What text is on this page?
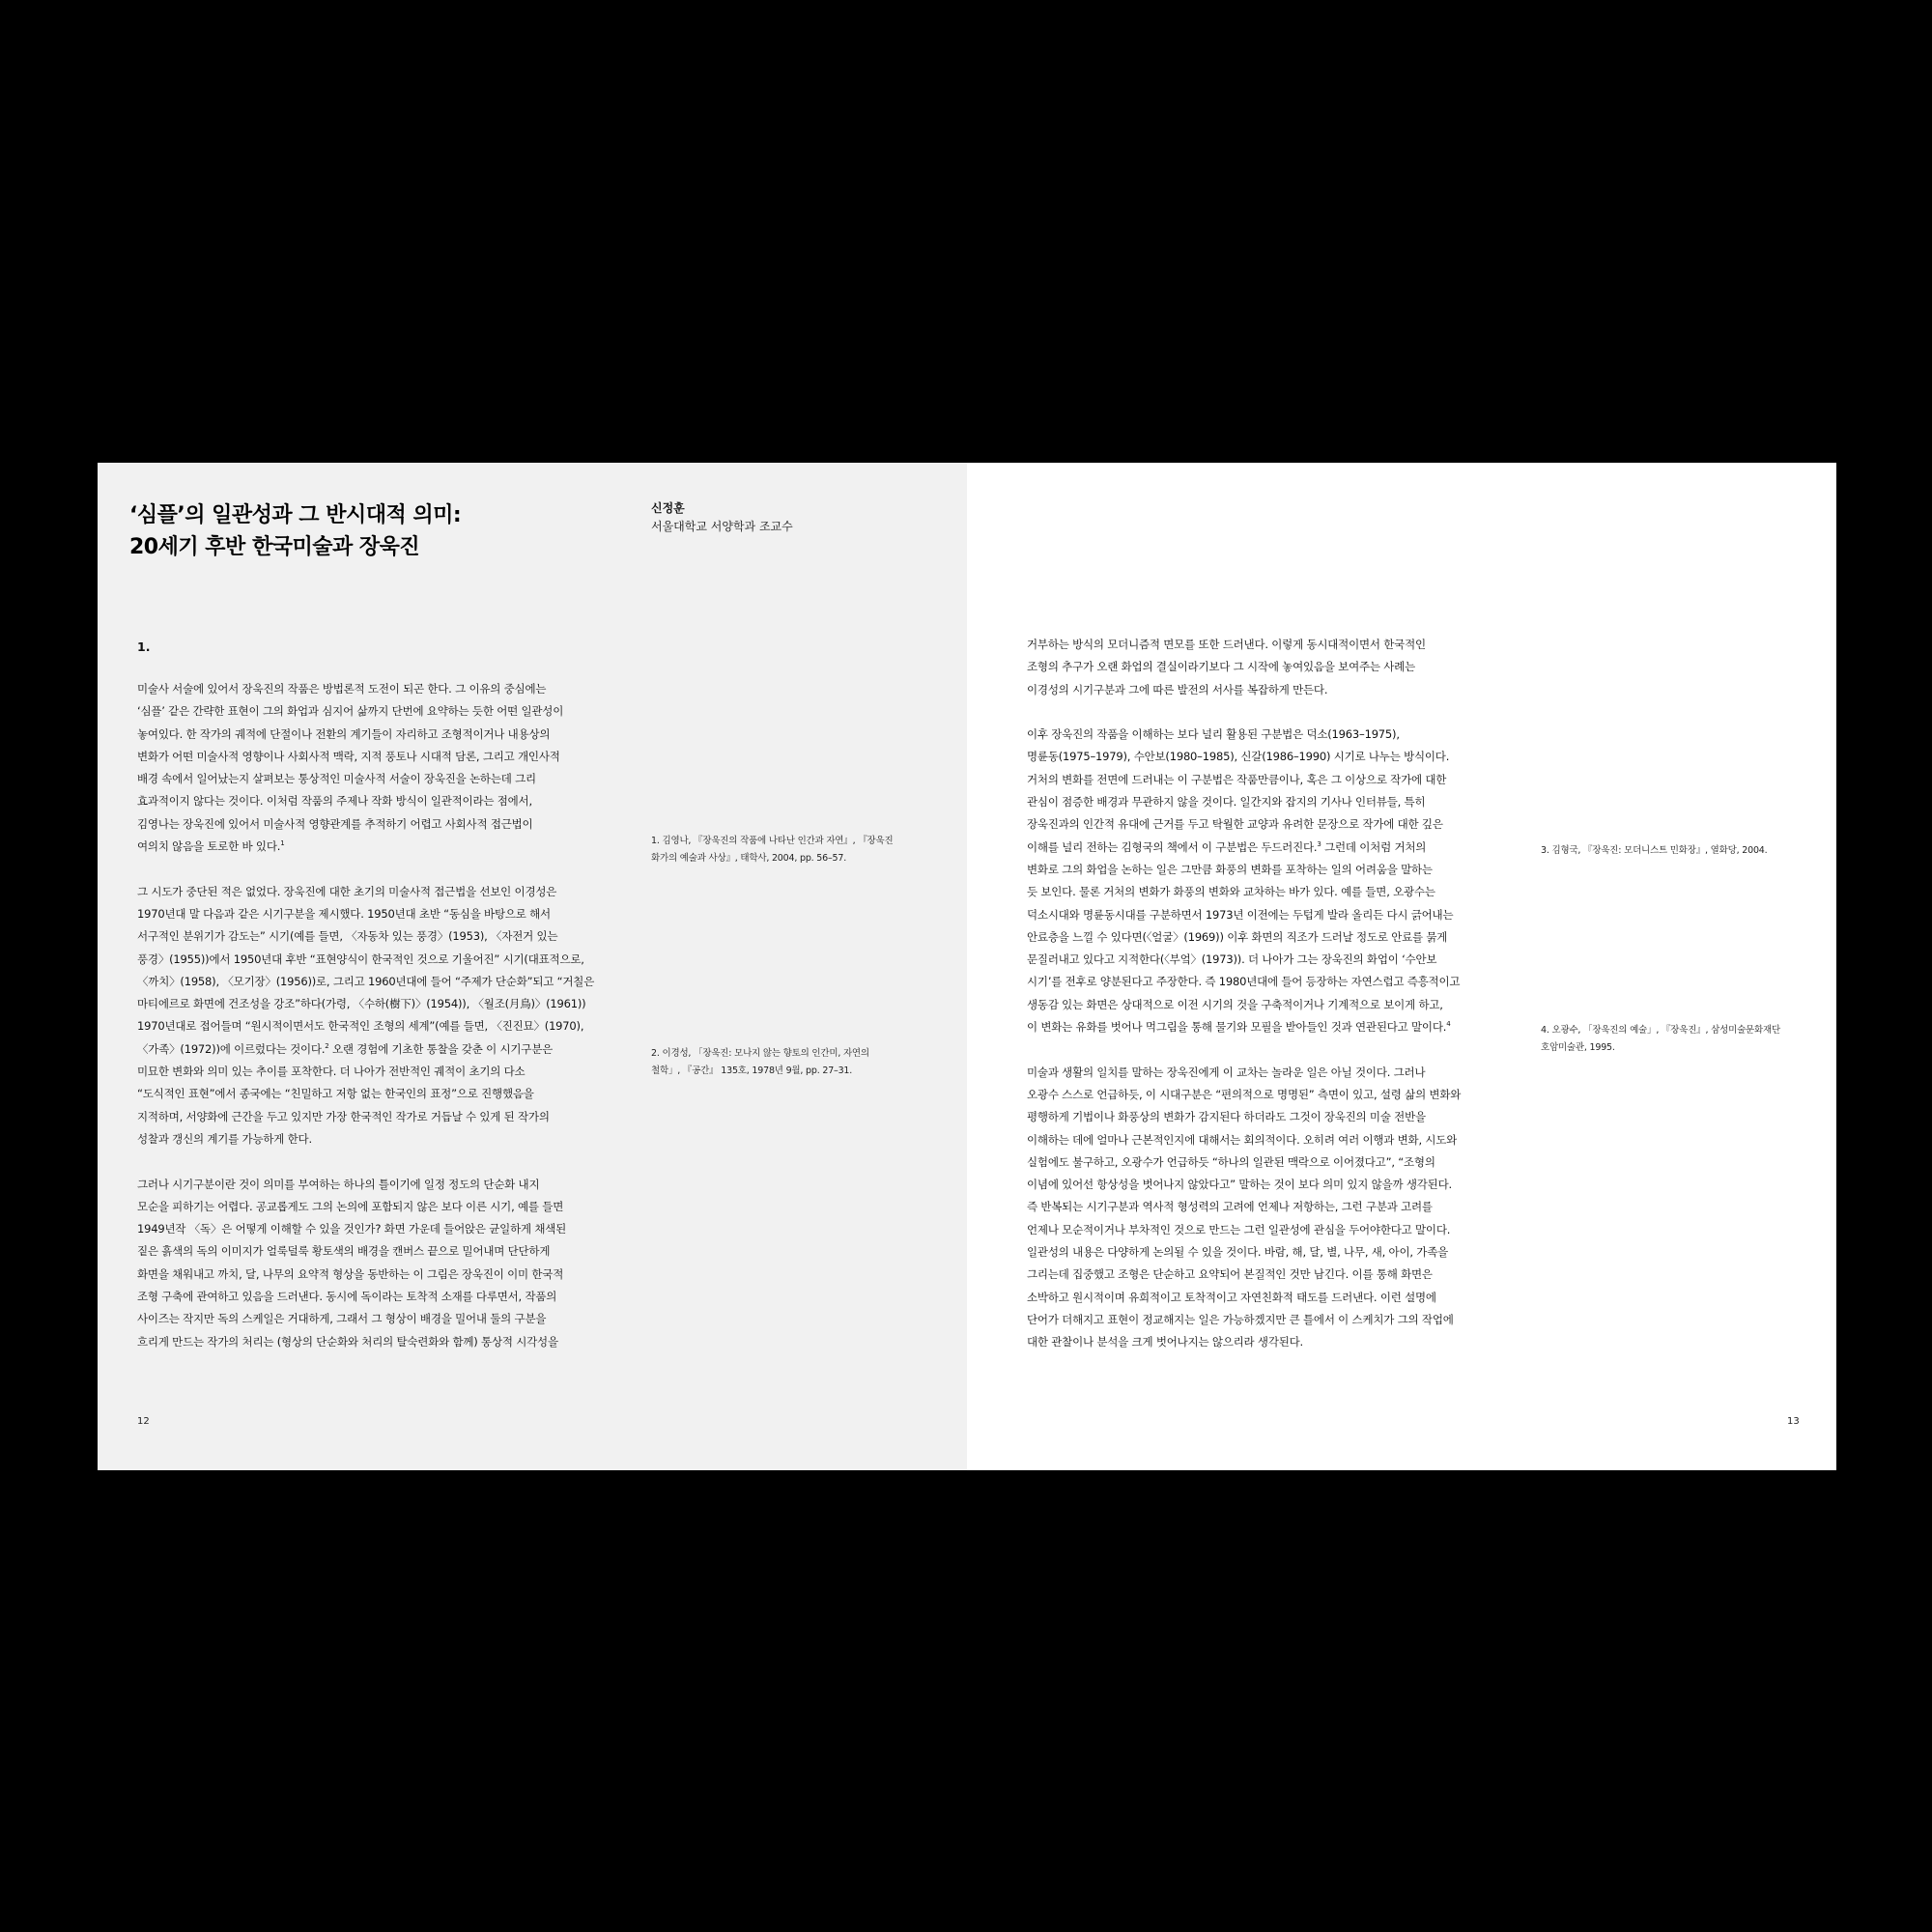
‘심플’의 일관성과 그 반시대적 의미:
20세기 후반 한국미술과 장욱진
신정훈
서울대학교 서양학과 조교수
1.

미술사 서술에 있어서 장욱진의 작품은 방법론적 도전이 되곤 한다. 그 이유의 중심에는
‘심플’ 같은 간략한 표현이 그의 화업과 심지어 삶까지 단번에 요약하는 듯한 어떤 일관성이
놓여있다. 한 작가의 궤적에 단절이나 전환의 계기들이 자리하고 조형적이거나 내용상의
변화가 어떤 미술사적 영향이나 사회사적 맥락, 지적 풍토나 시대적 담론, 그리고 개인사적
배경 속에서 일어났는지 살펴보는 통상적인 미술사적 서술이 장욱진을 논하는데 그리
효과적이지 않다는 것이다. 이처럼 작품의 주제나 작화 방식이 일관적이라는 점에서,
김영나는 장욱진에 있어서 미술사적 영향관계를 추적하기 어렵고 사회사적 접근법이
여의치 않음을 토로한 바 있다.$^1$

그 시도가 중단된 적은 없었다. 장욱진에 대한 초기의 미술사적 접근법을 선보인 이경성은
1970년대 말 다음과 같은 시기구분을 제시했다. 1950년대 초반 “동심을 바탕으로 해서
서구적인 분위기가 감도는” 시기(예를 들면, 〈자동차 있는 풍경〉(1953), 〈자전거 있는
풍경〉(1955))에서 1950년대 후반 “표현양식이 한국적인 것으로 기울어진” 시기(대표적으로,
〈까치〉(1958), 〈모기장〉(1956))로, 그리고 1960년대에 들어 “주제가 단순화”되고 “거칠은
마티에르로 화면에 건조성을 강조”하다(가령, 〈수하(樹下)〉(1954)), 〈월조(月鳥)〉(1961))
1970년대로 접어들며 “원시적이면서도 한국적인 조형의 세계”(예를 들면, 〈진진묘〉(1970),
〈가족〉(1972))에 이르렀다는 것이다.$^2$ 오랜 경험에 기초한 통찰을 갖춘 이 시기구분은
미묘한 변화와 의미 있는 추이를 포착한다. 더 나아가 전반적인 궤적이 초기의 다소
“도식적인 표현”에서 종국에는 “친밀하고 저항 없는 한국인의 표정”으로 진행했음을
지적하며, 서양화에 근간을 두고 있지만 가장 한국적인 작가로 거듭날 수 있게 된 작가의
성찰과 갱신의 계기를 가능하게 한다.

그러나 시기구분이란 것이 의미를 부여하는 하나의 틀이기에 일정 정도의 단순화 내지
모순을 피하기는 어렵다. 공교롭게도 그의 논의에 포함되지 않은 보다 이른 시기, 예를 들면
1949년작 〈독〉은 어떻게 이해할 수 있을 것인가? 화면 가운데 들어앉은 균일하게 채색된
짙은 흙색의 독의 이미지가 얼룩덜룩 황토색의 배경을 캔버스 끝으로 밀어내며 단단하게
화면을 채워내고 까치, 달, 나무의 요약적 형상을 동반하는 이 그림은 장욱진이 이미 한국적
조형 구축에 관여하고 있음을 드러낸다. 동시에 독이라는 토착적 소재를 다루면서, 작품의
사이즈는 작지만 독의 스케일은 거대하게, 그래서 그 형상이 배경을 밀어내 둘의 구분을
흐리게 만드는 작가의 처리는 (형상의 단순화와 처리의 탈숙련화와 함께) 통상적 시각성을

1. 김영나, 『장욱진의 작품에 나타난 인간과 자연』, 『장욱진
화가의 예술과 사상』, 태학사, 2004, pp. 56–57.
2. 이경성, 「장욱진: 모나지 않는 향토의 인간미, 자연의
철학」, 『공간』 135호, 1978년 9월, pp. 27–31.
12

거부하는 방식의 모더니즘적 면모를 또한 드러낸다. 이렇게 동시대적이면서 한국적인
조형의 추구가 오랜 화업의 결실이라기보다 그 시작에 놓여있음을 보여주는 사례는
이경성의 시기구분과 그에 따른 발전의 서사를 복잡하게 만든다.

이후 장욱진의 작품을 이해하는 보다 널리 활용된 구분법은 덕소(1963–1975),
명륜동(1975–1979), 수안보(1980–1985), 신갈(1986–1990) 시기로 나누는 방식이다.
거처의 변화를 전면에 드러내는 이 구분법은 작품만큼이나, 혹은 그 이상으로 작가에 대한
관심이 점증한 배경과 무관하지 않을 것이다. 일간지와 잡지의 기사나 인터뷰들, 특히
장욱진과의 인간적 유대에 근거를 두고 탁월한 교양과 유려한 문장으로 작가에 대한 깊은
이해를 널리 전하는 김형국의 책에서 이 구분법은 두드러진다.$^3$ 그런데 이처럼 거처의
변화로 그의 화업을 논하는 일은 그만큼 화풍의 변화를 포착하는 일의 어려움을 말하는
듯 보인다. 물론 거처의 변화가 화풍의 변화와 교차하는 바가 있다. 예를 들면, 오광수는
덕소시대와 명륜동시대를 구분하면서 1973년 이전에는 두텁게 발라 올리든 다시 긁어내는
안료층을 느낄 수 있다면(〈얼굴〉(1969)) 이후 화면의 직조가 드러날 정도로 안료를 묽게
문질러내고 있다고 지적한다(〈부엌〉(1973)). 더 나아가 그는 장욱진의 화업이 ‘수안보
시기’를 전후로 양분된다고 주장한다. 즉 1980년대에 들어 등장하는 자연스럽고 즉흥적이고
생동감 있는 화면은 상대적으로 이전 시기의 것을 구축적이거나 기계적으로 보이게 하고,
이 변화는 유화를 벗어나 먹그림을 통해 물기와 모필을 받아들인 것과 연관된다고 말이다.$^4$

미술과 생활의 일치를 말하는 장욱진에게 이 교차는 놀라운 일은 아닐 것이다. 그러나
오광수 스스로 언급하듯, 이 시대구분은 “편의적으로 명명된” 측면이 있고, 설령 삶의 변화와
평행하게 기법이나 화풍상의 변화가 감지된다 하더라도 그것이 장욱진의 미술 전반을
이해하는 데에 얼마나 근본적인지에 대해서는 회의적이다. 오히려 여러 이행과 변화, 시도와
실험에도 불구하고, 오광수가 언급하듯 “하나의 일관된 맥락으로 이어졌다고”, “조형의
이념에 있어선 항상성을 벗어나지 않았다고” 말하는 것이 보다 의미 있지 않을까 생각된다.
즉 반복되는 시기구분과 역사적 형성력의 고려에 언제나 저항하는, 그런 구분과 고려를
언제나 모순적이거나 부차적인 것으로 만드는 그런 일관성에 관심을 두어야한다고 말이다.
일관성의 내용은 다양하게 논의될 수 있을 것이다. 바람, 해, 달, 별, 나무, 새, 아이, 가족을
그리는데 집중했고 조형은 단순하고 요약되어 본질적인 것만 남긴다. 이를 통해 화면은
소박하고 원시적이며 유희적이고 토착적이고 자연친화적 태도를 드러낸다. 이런 설명에
단어가 더해지고 표현이 정교해지는 일은 가능하겠지만 큰 틀에서 이 스케치가 그의 작업에
대한 관찰이나 분석을 크게 벗어나지는 않으리라 생각된다.

3. 김형국, 『장욱진: 모더니스트 민화장』, 열화당, 2004.
4. 오광수, 「장욱진의 예술」, 『장욱진』, 삼성미술문화재단
호암미술관, 1995.
13
